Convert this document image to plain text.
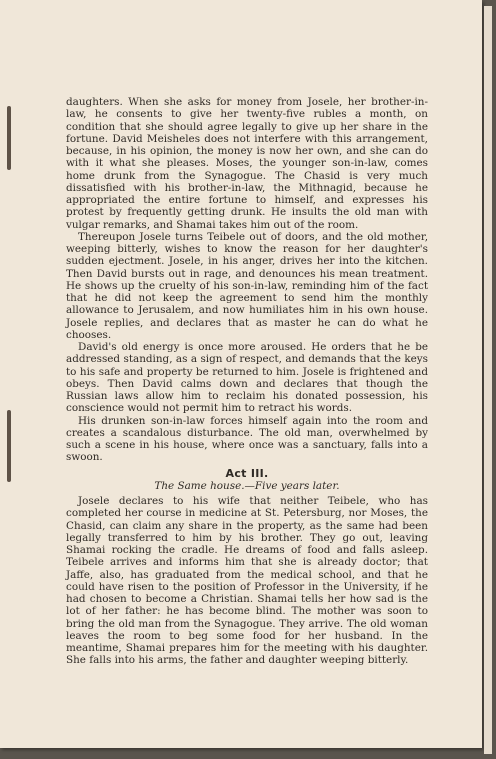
daughters. When she asks for money from Josele, her brother-in-law, he consents to give her twenty-five rubles a month, on condition that she should agree legally to give up her share in the fortune. David Meisheles does not interfere with this arrangement, because, in his opinion, the money is now her own, and she can do with it what she pleases. Moses, the younger son-in-law, comes home drunk from the Synagogue. The Chasid is very much dissatisfied with his brother-in-law, the Mithnagid, because he appropriated the entire fortune to himself, and expresses his protest by frequently getting drunk. He insults the old man with vulgar remarks, and Shamai takes him out of the room.

Thereupon Josele turns Teibele out of doors, and the old mother, weeping bitterly, wishes to know the reason for her daughter's sudden ejectment. Josele, in his anger, drives her into the kitchen. Then David bursts out in rage, and denounces his mean treatment. He shows up the cruelty of his son-in-law, reminding him of the fact that he did not keep the agreement to send him the monthly allowance to Jerusalem, and now humiliates him in his own house. Josele replies, and declares that as master he can do what he chooses.

David's old energy is once more aroused. He orders that he be addressed standing, as a sign of respect, and demands that the keys to his safe and property be returned to him. Josele is frightened and obeys. Then David calms down and declares that though the Russian laws allow him to reclaim his donated possession, his conscience would not permit him to retract his words.

His drunken son-in-law forces himself again into the room and creates a scandalous disturbance. The old man, overwhelmed by such a scene in his house, where once was a sanctuary, falls into a swoon.

Act III.
The Same house.—Five years later.

Josele declares to his wife that neither Teibele, who has completed her course in medicine at St. Petersburg, nor Moses, the Chasid, can claim any share in the property, as the same had been legally transferred to him by his brother. They go out, leaving Shamai rocking the cradle. He dreams of food and falls asleep. Teibele arrives and informs him that she is already doctor; that Jaffe, also, has graduated from the medical school, and that he could have risen to the position of Professor in the University, if he had chosen to become a Christian. Shamai tells her how sad is the lot of her father: he has become blind. The mother was soon to bring the old man from the Synagogue. They arrive. The old woman leaves the room to beg some food for her husband. In the meantime, Shamai prepares him for the meeting with his daughter. She falls into his arms, the father and daughter weeping bitterly.
